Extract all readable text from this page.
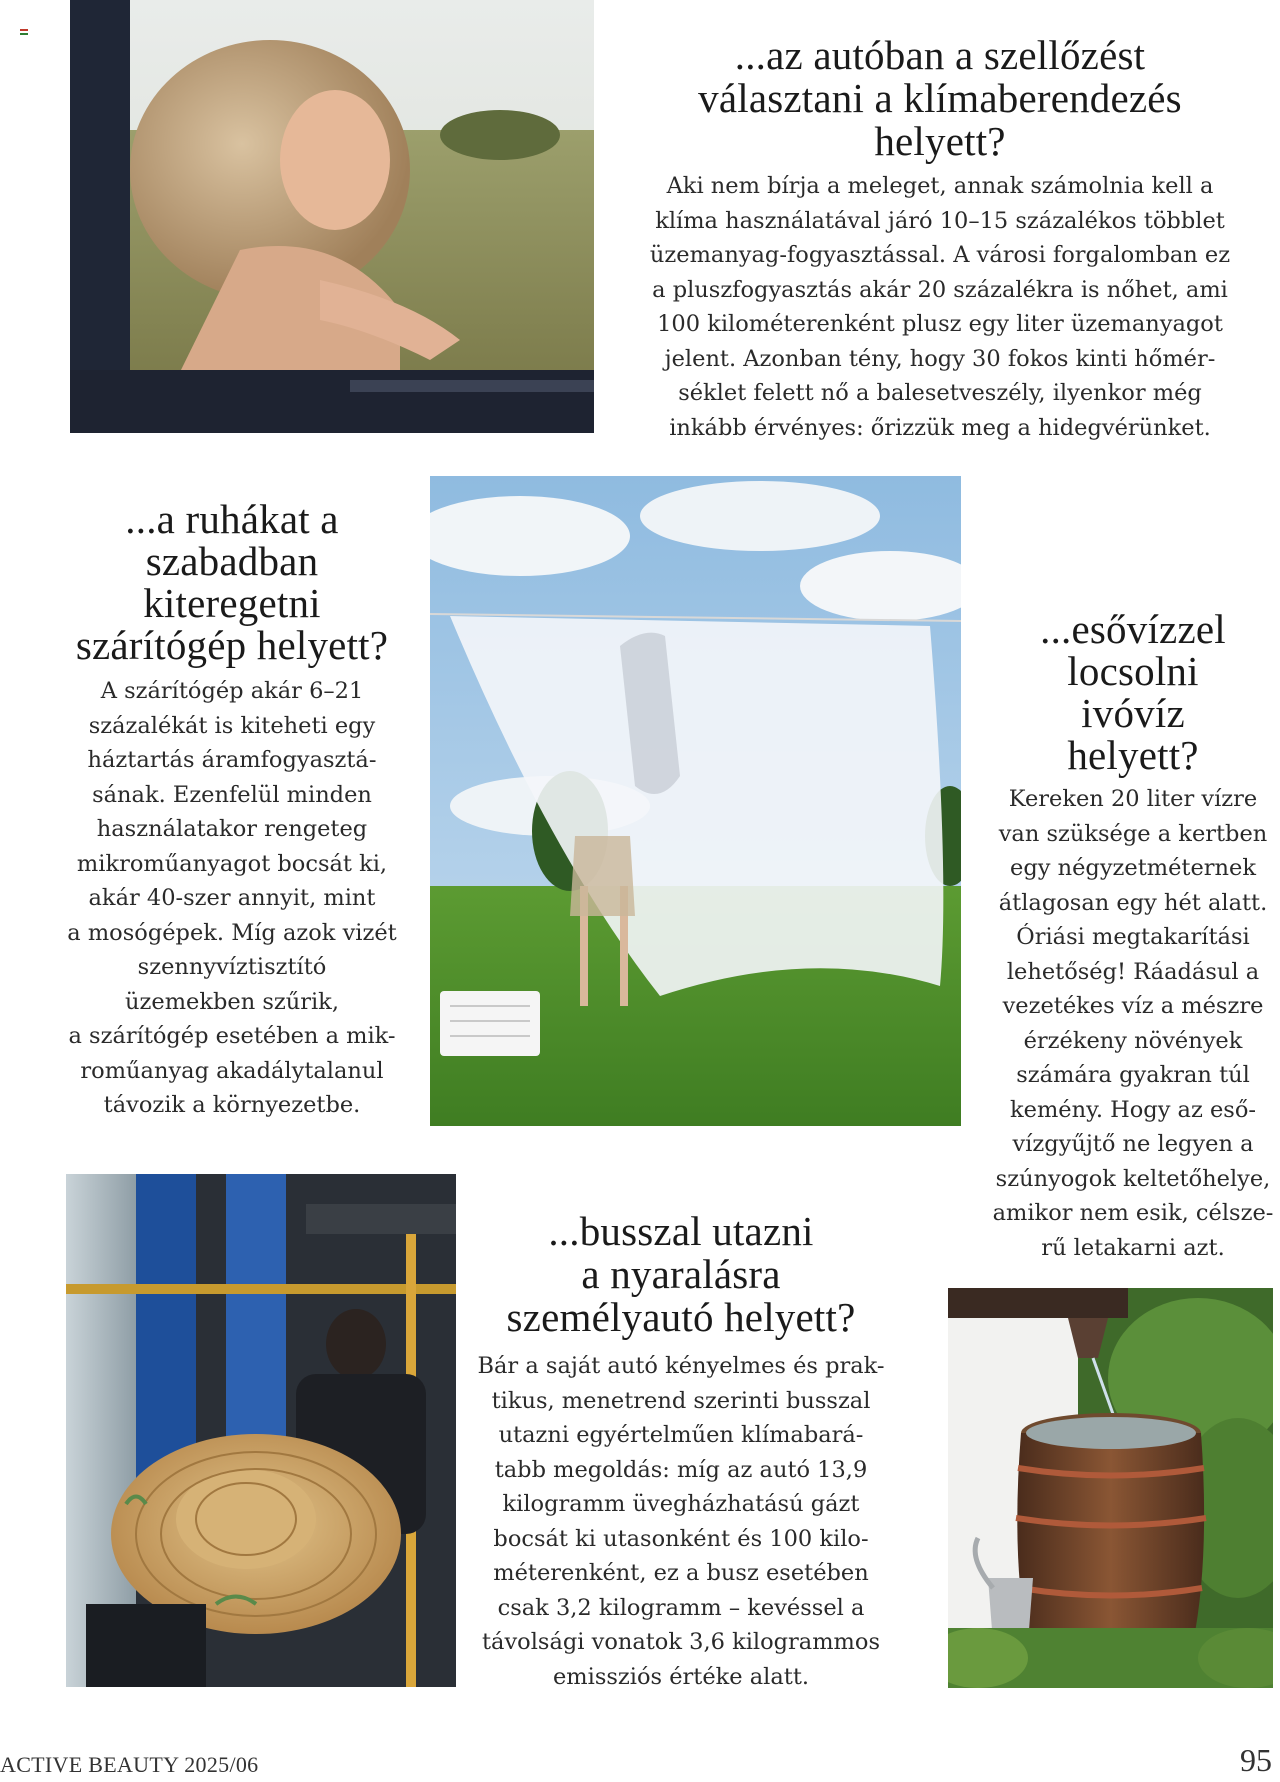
...az autóban a szellőzést
választani a klímaberendezés
helyett?
Aki nem bírja a meleget, annak számolnia kell a
klíma használatával járó 10–15 százalékos többlet
üzemanyag-fogyasztással. A városi forgalomban ez
a pluszfogyasztás akár 20 százalékra is nőhet, ami
100 kilométerenként plusz egy liter üzemanyagot
jelent. Azonban tény, hogy 30 fokos kinti hőmér-
séklet felett nő a balesetveszély, ilyenkor még
inkább érvényes: őrizzük meg a hidegvérünket.
...a ruhákat a
szabadban
kiteregetni
szárítógép helyett?
A szárítógép akár 6–21
százalékát is kiteheti egy
háztartás áramfogyasztá-
sának. Ezenfelül minden
használatakor rengeteg
mikroműanyagot bocsát ki,
akár 40-szer annyit, mint
a mosógépek. Míg azok vizét
szennyvíztisztító
üzemekben szűrik,
a szárítógép esetében a mik-
roműanyag akadálytalanul
távozik a környezetbe.
...esővízzel
locsolni
ivóvíz
helyett?
Kereken 20 liter vízre
van szüksége a kertben
egy négyzetméternek
átlagosan egy hét alatt.
Óriási megtakarítási
lehetőség! Ráadásul a
vezetékes víz a mészre
érzékeny növények
számára gyakran túl
kemény. Hogy az eső-
vízgyűjtő ne legyen a
szúnyogok keltetőhelye,
amikor nem esik, célsze-
rű letakarni azt.
...busszal utazni
a nyaralásra
személyautó helyett?
Bár a saját autó kényelmes és prak-
tikus, menetrend szerinti busszal
utazni egyértelműen klímabará-
tabb megoldás: míg az autó 13,9
kilogramm üvegházhatású gázt
bocsát ki utasonként és 100 kilo-
méterenként, ez a busz esetében
csak 3,2 kilogramm – kevéssel a
távolsági vonatok 3,6 kilogrammos
emissziós értéke alatt.
ACTIVE BEAUTY 2025/06	95
